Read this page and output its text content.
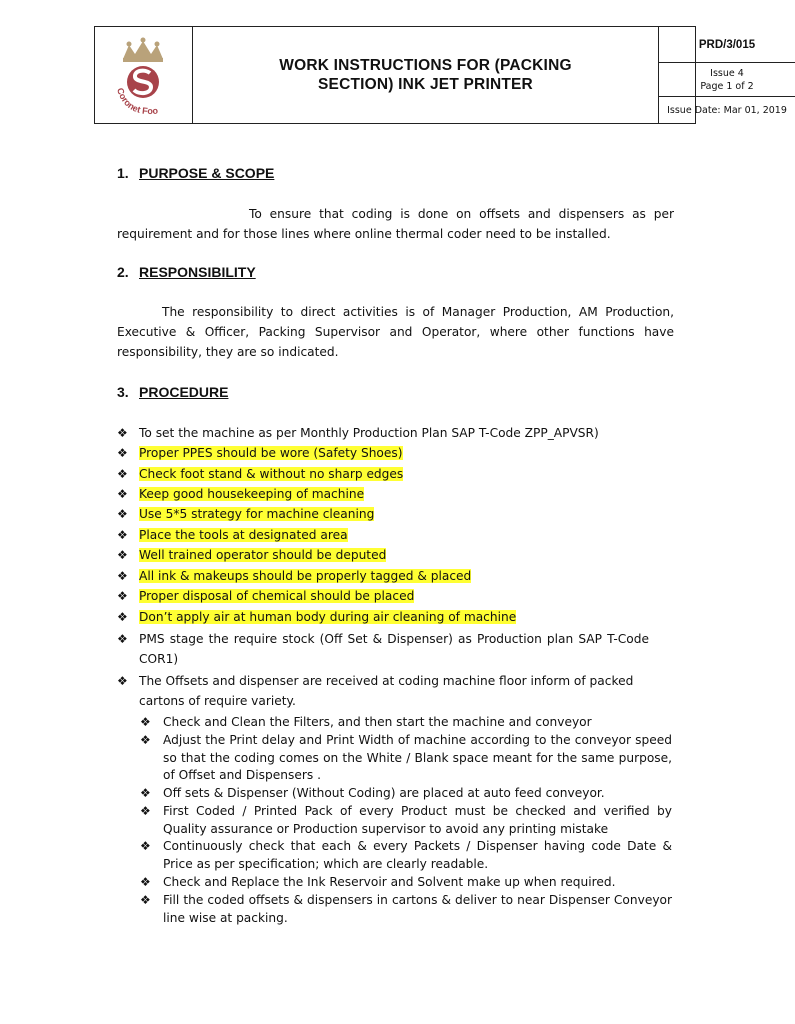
Coronet Foo
WORK INSTRUCTIONS FOR (PACKING
SECTION) INK JET PRINTER
PRD/3/015
Issue 4
Page 1 of 2
Issue Date: Mar 01, 2019
1. PURPOSE & SCOPE
To ensure that coding is done on offsets and dispensers as per requirement and for those lines where online thermal coder need to be installed.
2. RESPONSIBILITY
The responsibility to direct activities is of Manager Production, AM Production, Executive & Officer, Packing Supervisor and Operator, where other functions have responsibility, they are so indicated.
3. PROCEDURE
❖ To set the machine as per Monthly Production Plan SAP T-Code ZPP_APVSR)
❖ Proper PPES should be wore (Safety Shoes)
❖ Check foot stand & without no sharp edges
❖ Keep good housekeeping of machine
❖ Use 5*5 strategy for machine cleaning
❖ Place the tools at designated area
❖ Well trained operator should be deputed
❖ All ink & makeups should be properly tagged & placed
❖ Proper disposal of chemical should be placed
❖ Don’t apply air at human body during air cleaning of machine
❖ PMS stage the require stock (Off Set & Dispenser) as Production plan SAP T-Code COR1)
❖ The Offsets and dispenser are received at coding machine floor inform of packed cartons of require variety.
❖ Check and Clean the Filters, and then start the machine and conveyor
❖ Adjust the Print delay and Print Width of machine according to the conveyor speed so that the coding comes on the White / Blank space meant for the same purpose, of Offset and Dispensers .
❖ Off sets & Dispenser (Without Coding) are placed at auto feed conveyor.
❖ First Coded / Printed Pack of every Product must be checked and verified by Quality assurance or Production supervisor to avoid any printing mistake
❖ Continuously check that each & every Packets / Dispenser having code Date & Price as per specification; which are clearly readable.
❖ Check and Replace the Ink Reservoir and Solvent make up when required.
❖ Fill the coded offsets & dispensers in cartons & deliver to near Dispenser Conveyor line wise at packing.
